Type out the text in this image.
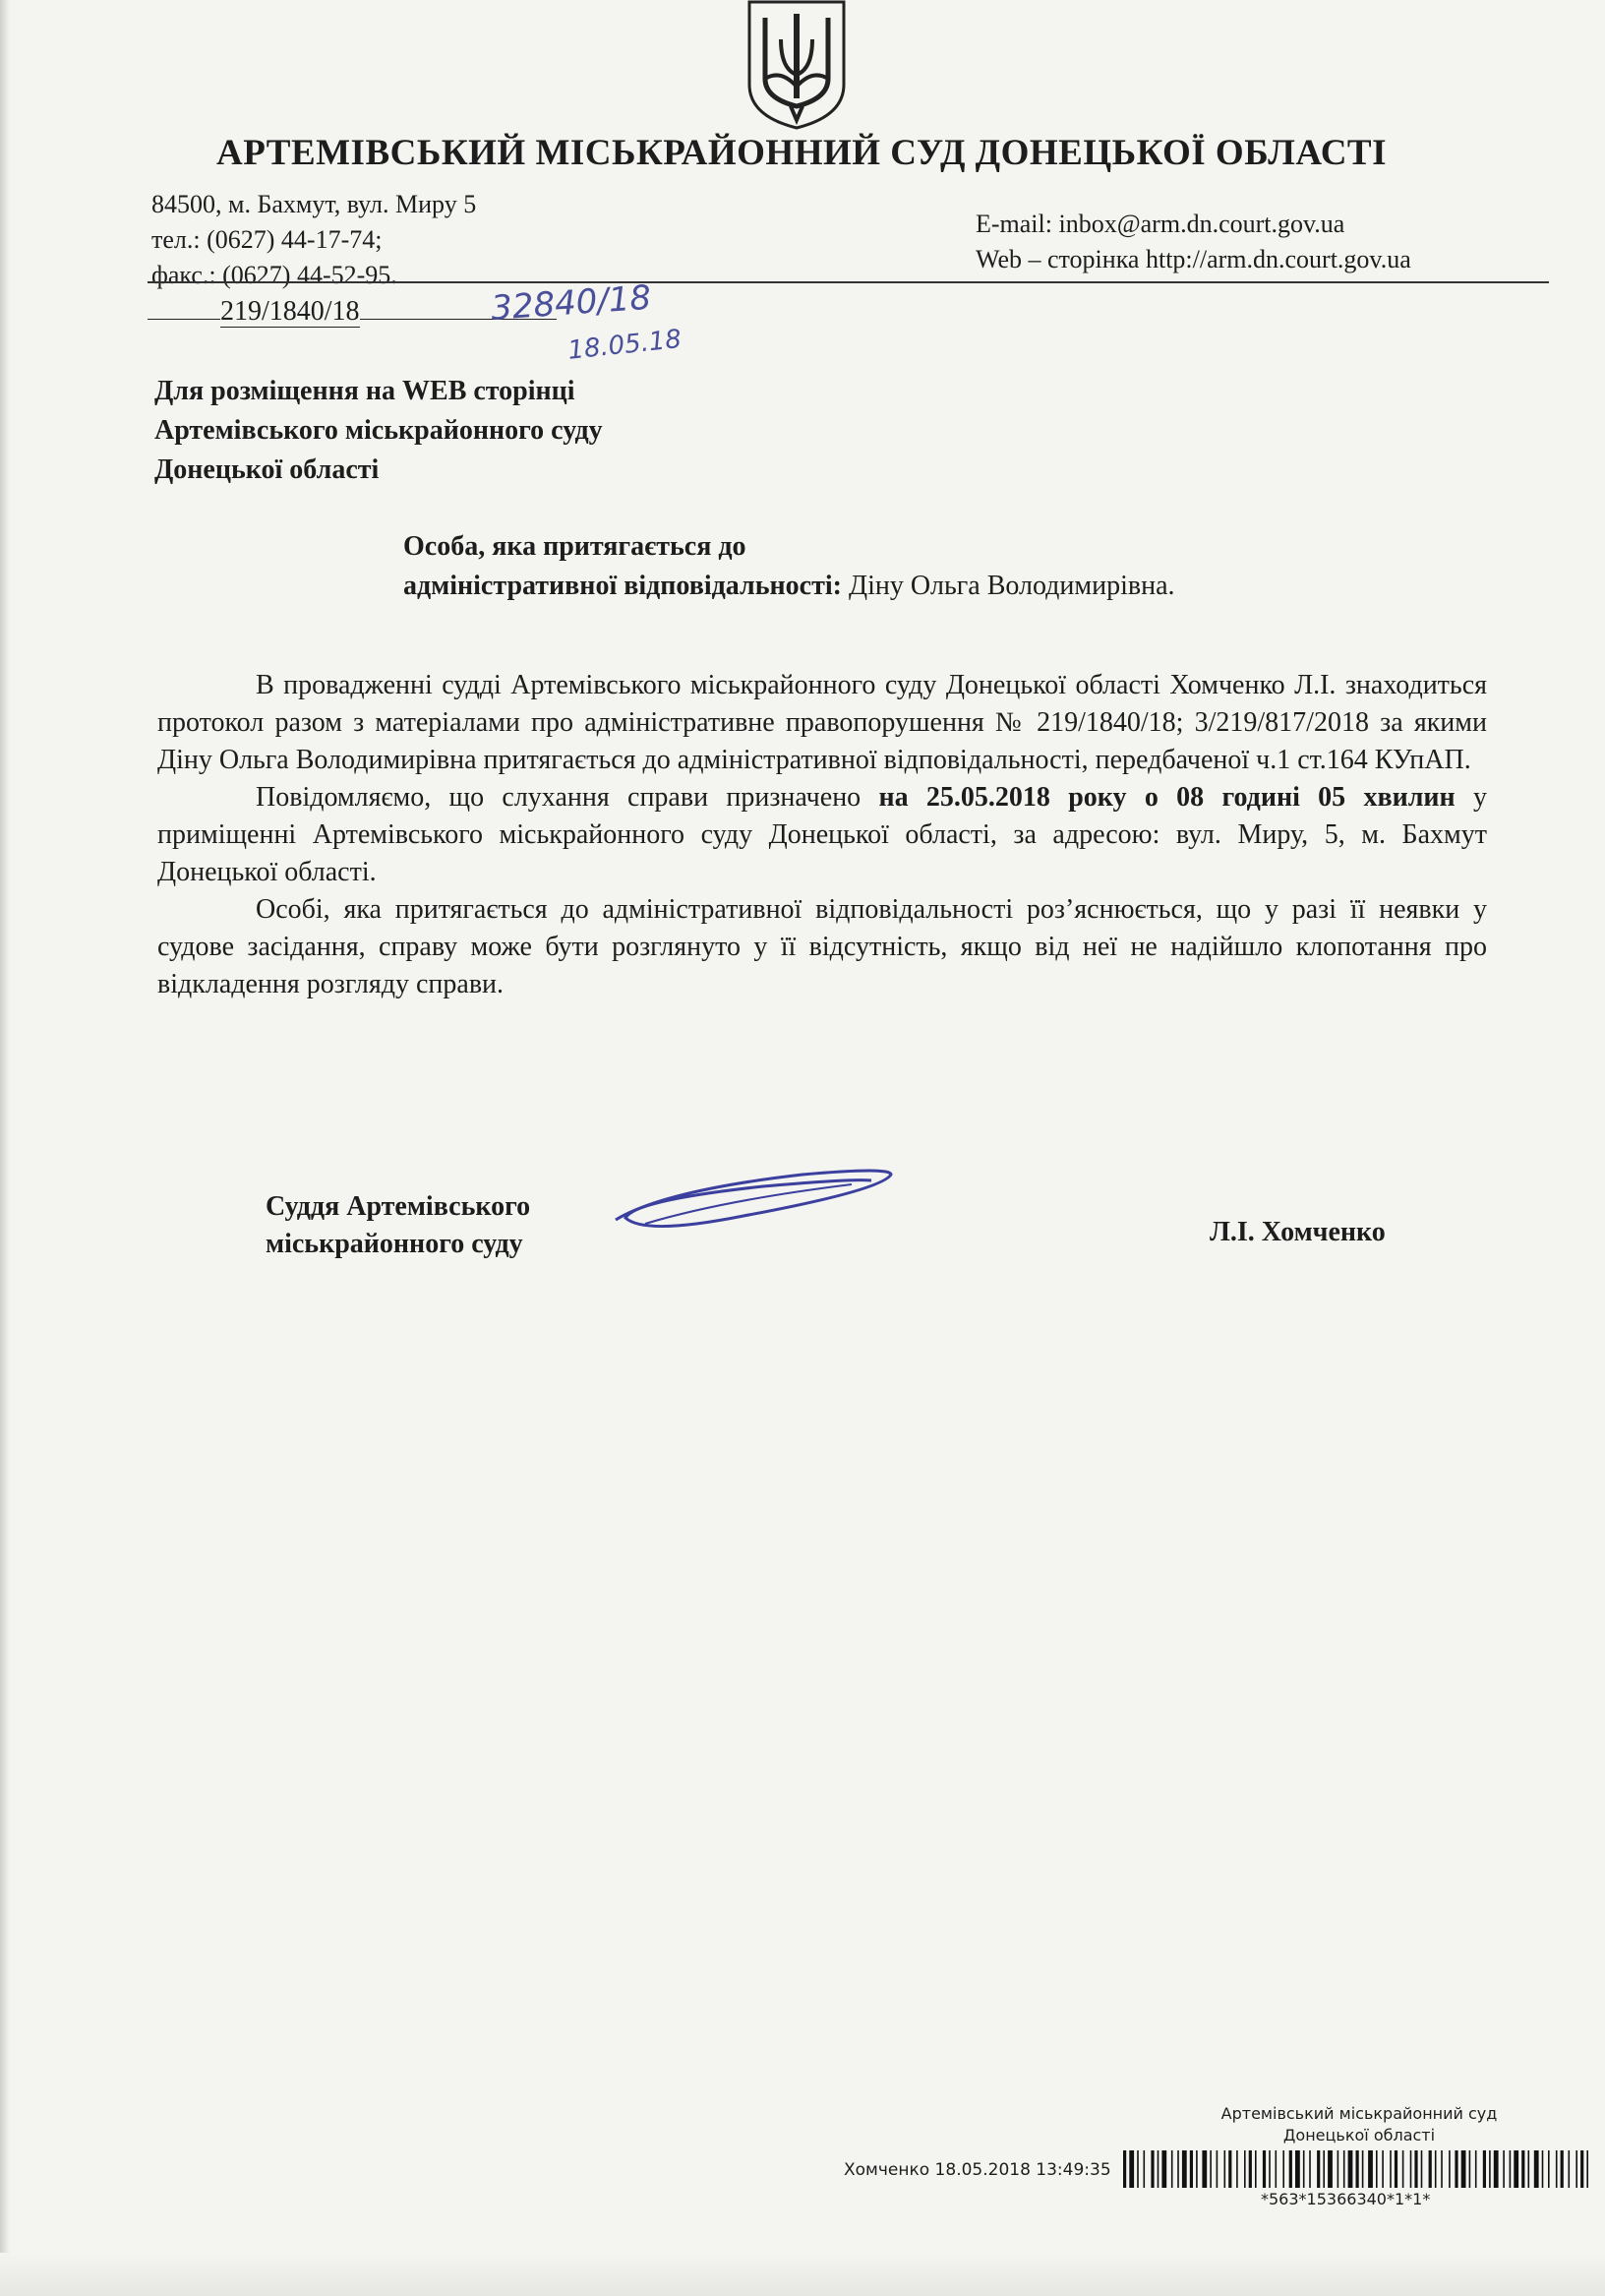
АРТЕМІВСЬКИЙ МІСЬКРАЙОННИЙ СУД ДОНЕЦЬКОЇ ОБЛАСТІ
84500, м. Бахмут, вул. Миру 5
тел.: (0627) 44-17-74;
факс.: (0627) 44-52-95.
E-mail: inbox@arm.dn.court.gov.ua
Web – сторінка http://arm.dn.court.gov.ua
219/1840/18	32840/18
18.05.18
Для розміщення на WEB сторінці
Артемівського міськрайонного суду
Донецької області
Особа, яка притягається до
адміністративної відповідальності: Діну Ольга Володимирівна.

В провадженні судді Артемівського міськрайонного суду Донецької області Хомченко Л.І. знаходиться протокол разом з матеріалами про адміністративне правопорушення № 219/1840/18; 3/219/817/2018 за якими Діну Ольга Володимирівна притягається до адміністративної відповідальності, передбаченої ч.1 ст.164 КУпАП.

Повідомляємо, що слухання справи призначено на 25.05.2018 року о 08 годині 05 хвилин у приміщенні Артемівського міськрайонного суду Донецької області, за адресою: вул. Миру, 5, м. Бахмут Донецької області.

Особі, яка притягається до адміністративної відповідальності роз’яснюється, що у разі її неявки у судове засідання, справу може бути розглянуто у її відсутність, якщо від неї не надійшло клопотання про відкладення розгляду справи.

Суддя Артемівського
міськрайонного суду	Л.І. Хомченко
Артемівський міськрайонний суд
Донецької області
Хомченко 18.05.2018 13:49:35
*563*15366340*1*1*
